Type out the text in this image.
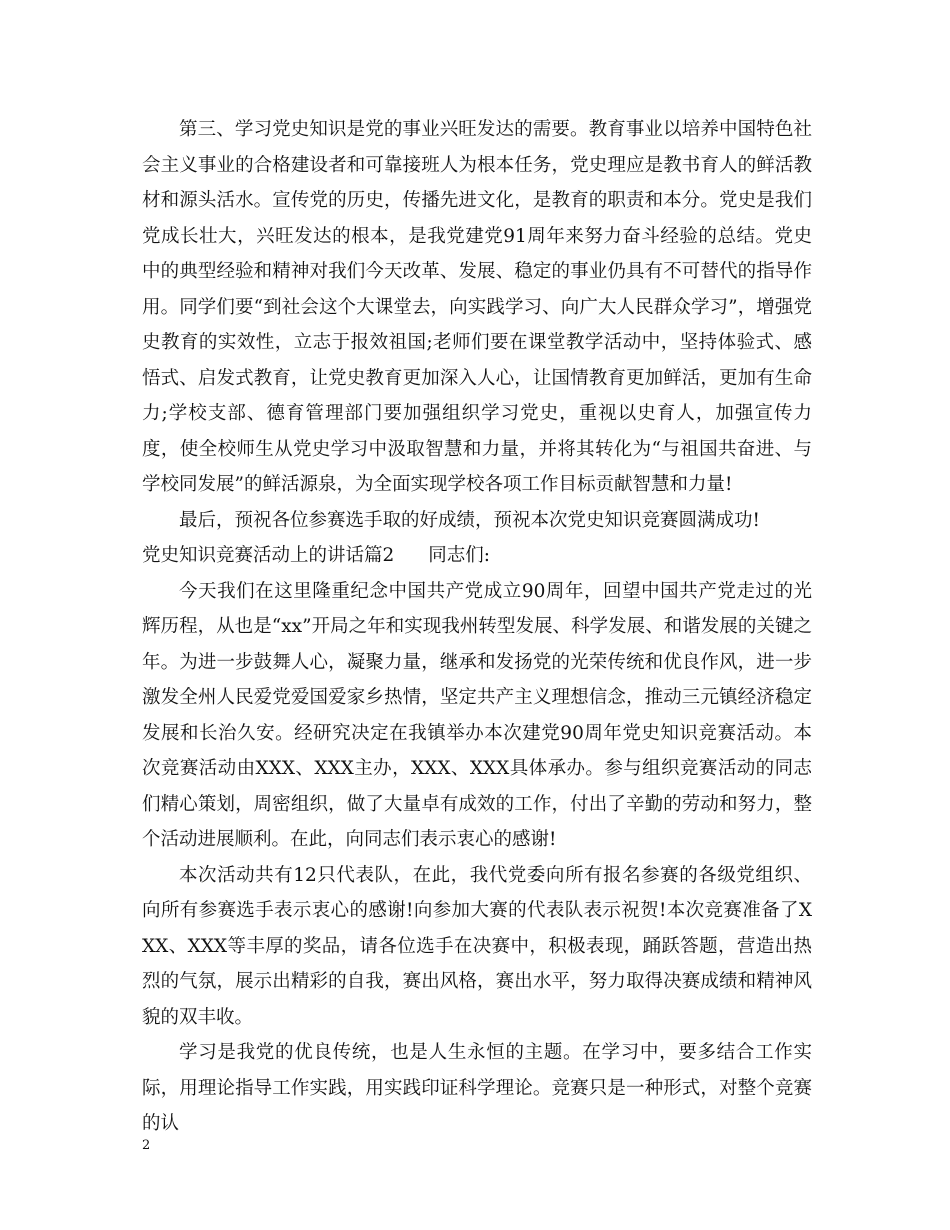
第三、学习党史知识是党的事业兴旺发达的需要。教育事业以培养中国特色社会主义事业的合格建设者和可靠接班人为根本任务，党史理应是教书育人的鲜活教材和源头活水。宣传党的历史，传播先进文化，是教育的职责和本分。党史是我们党成长壮大，兴旺发达的根本，是我党建党91周年来努力奋斗经验的总结。党史中的典型经验和精神对我们今天改革、发展、稳定的事业仍具有不可替代的指导作用。同学们要“到社会这个大课堂去，向实践学习、向广大人民群众学习”，增强党史教育的实效性，立志于报效祖国;老师们要在课堂教学活动中，坚持体验式、感悟式、启发式教育，让党史教育更加深入人心，让国情教育更加鲜活，更加有生命力;学校支部、德育管理部门要加强组织学习党史，重视以史育人，加强宣传力度，使全校师生从党史学习中汲取智慧和力量，并将其转化为“与祖国共奋进、与学校同发展”的鲜活源泉，为全面实现学校各项工作目标贡献智慧和力量!

最后，预祝各位参赛选手取的好成绩，预祝本次党史知识竞赛圆满成功!

党史知识竞赛活动上的讲话篇2 同志们:

今天我们在这里隆重纪念中国共产党成立90周年，回望中国共产党走过的光辉历程，从也是“xx”开局之年和实现我州转型发展、科学发展、和谐发展的关键之年。为进一步鼓舞人心，凝聚力量，继承和发扬党的光荣传统和优良作风，进一步激发全州人民爱党爱国爱家乡热情，坚定共产主义理想信念，推动三元镇经济稳定发展和长治久安。经研究决定在我镇举办本次建党90周年党史知识竞赛活动。本次竞赛活动由XXX、XXX主办，XXX、XXX具体承办。参与组织竞赛活动的同志们精心策划，周密组织，做了大量卓有成效的工作，付出了辛勤的劳动和努力，整个活动进展顺利。在此，向同志们表示衷心的感谢!

本次活动共有12只代表队，在此，我代党委向所有报名参赛的各级党组织、向所有参赛选手表示衷心的感谢!向参加大赛的代表队表示祝贺!本次竞赛准备了XXX、XXX等丰厚的奖品，请各位选手在决赛中，积极表现，踊跃答题，营造出热烈的气氛，展示出精彩的自我，赛出风格，赛出水平，努力取得决赛成绩和精神风貌的双丰收。

学习是我党的优良传统，也是人生永恒的主题。在学习中，要多结合工作实际，用理论指导工作实践，用实践印证科学理论。竞赛只是一种形式，对整个竞赛的认

2
